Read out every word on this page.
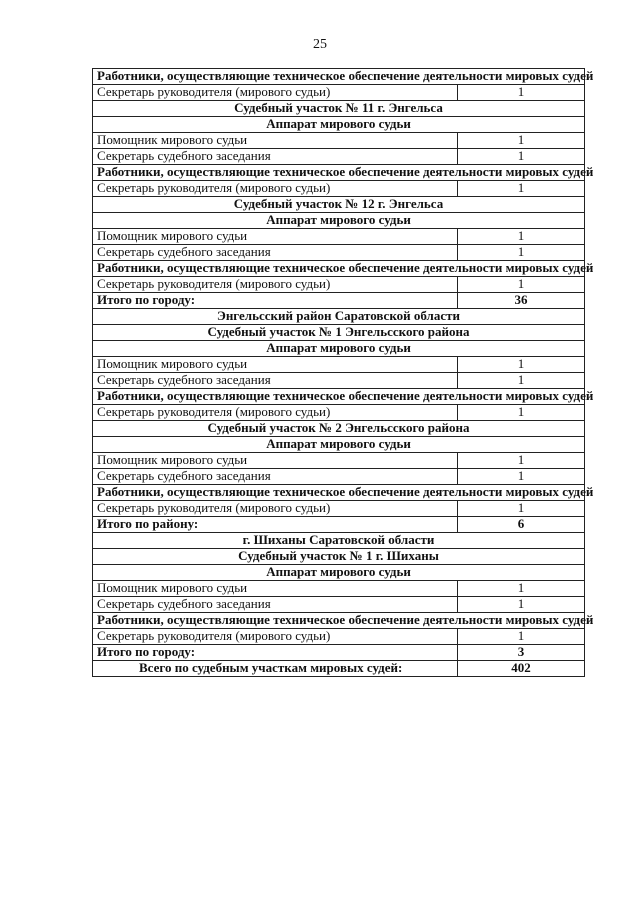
25
Работники, осуществляющие техническое обеспечение деятельности мировых судей	
Секретарь руководителя (мирового судьи)	1
Судебный участок № 11 г. Энгельса	
Аппарат мирового судьи	
Помощник мирового судьи	1
Секретарь судебного заседания	1
Работники, осуществляющие техническое обеспечение деятельности мировых судей	
Секретарь руководителя (мирового судьи)	1
Судебный участок № 12 г. Энгельса	
Аппарат мирового судьи	
Помощник мирового судьи	1
Секретарь судебного заседания	1
Работники, осуществляющие техническое обеспечение деятельности мировых судей	
Секретарь руководителя (мирового судьи)	1
Итого по городу:	36
Энгельсский район Саратовской области	
Судебный участок № 1 Энгельсского района	
Аппарат мирового судьи	
Помощник мирового судьи	1
Секретарь судебного заседания	1
Работники, осуществляющие техническое обеспечение деятельности мировых судей	
Секретарь руководителя (мирового судьи)	1
Судебный участок № 2 Энгельсского района	
Аппарат мирового судьи	
Помощник мирового судьи	1
Секретарь судебного заседания	1
Работники, осуществляющие техническое обеспечение деятельности мировых судей	
Секретарь руководителя (мирового судьи)	1
Итого по району:	6
г. Шиханы Саратовской области	
Судебный участок № 1 г. Шиханы	
Аппарат мирового судьи	
Помощник мирового судьи	1
Секретарь судебного заседания	1
Работники, осуществляющие техническое обеспечение деятельности мировых судей	
Секретарь руководителя (мирового судьи)	1
Итого по городу:	3
Всего по судебным участкам мировых судей:	402
